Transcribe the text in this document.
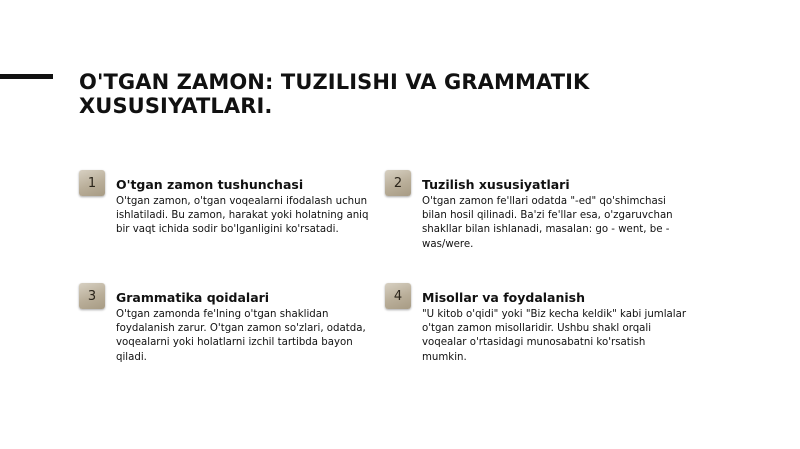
O'TGAN ZAMON: TUZILISHI VA GRAMMATIK XUSUSIYATLARI.
1	O'tgan zamon tushunchasi
O'tgan zamon, o'tgan voqealarni ifodalash uchun ishlatiladi. Bu zamon, harakat yoki holatning aniq bir vaqt ichida sodir bo'lganligini ko'rsatadi.
2	Tuzilish xususiyatlari
O'tgan zamon fe'llari odatda "-ed" qo'shimchasi bilan hosil qilinadi. Ba'zi fe'llar esa, o'zgaruvchan shakllar bilan ishlanadi, masalan: go - went, be - was/were.
3	Grammatika qoidalari
O'tgan zamonda fe'lning o'tgan shaklidan foydalanish zarur. O'tgan zamon so'zlari, odatda, voqealarni yoki holatlarni izchil tartibda bayon qiladi.
4	Misollar va foydalanish
"U kitob o'qidi" yoki "Biz kecha keldik" kabi jumlalar o'tgan zamon misollaridir. Ushbu shakl orqali voqealar o'rtasidagi munosabatni ko'rsatish mumkin.
